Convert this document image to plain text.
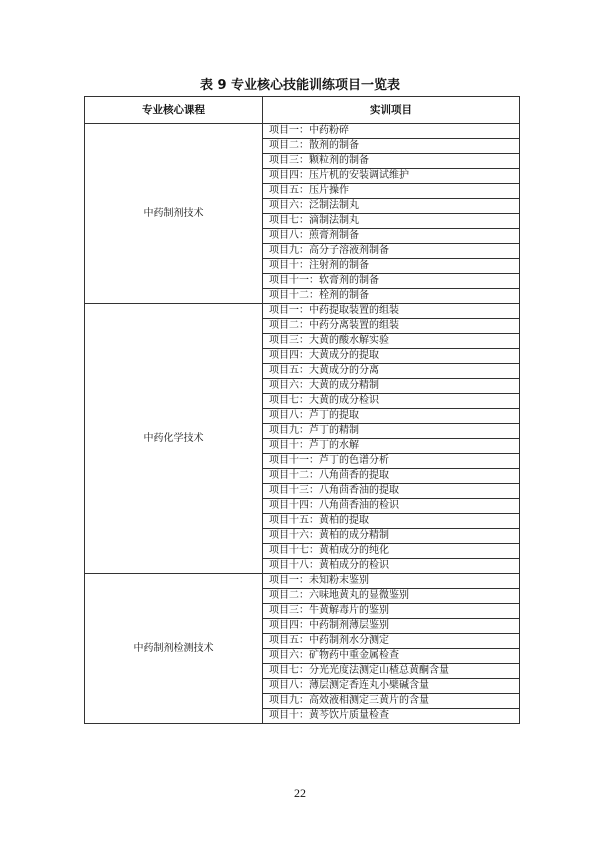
表 9 专业核心技能训练项目一览表
专业核心课程	实训项目
中药制剂技术	项目一：中药粉碎
	项目二：散剂的制备
	项目三：颗粒剂的制备
	项目四：压片机的安装调试维护
	项目五：压片操作
	项目六：泛制法制丸
	项目七：滴制法制丸
	项目八：煎膏剂制备
	项目九：高分子溶液剂制备
	项目十：注射剂的制备
	项目十一：软膏剂的制备
	项目十二：栓剂的制备
中药化学技术	项目一：中药提取装置的组装
	项目二：中药分离装置的组装
	项目三：大黄的酸水解实验
	项目四：大黄成分的提取
	项目五：大黄成分的分离
	项目六：大黄的成分精制
	项目七：大黄的成分检识
	项目八：芦丁的提取
	项目九：芦丁的精制
	项目十：芦丁的水解
	项目十一：芦丁的色谱分析
	项目十二：八角茴香的提取
	项目十三：八角茴香油的提取
	项目十四：八角茴香油的检识
	项目十五：黄柏的提取
	项目十六：黄柏的成分精制
	项目十七：黄柏成分的纯化
	项目十八：黄柏成分的检识
中药制剂检测技术	项目一：未知粉末鉴别
	项目二：六味地黄丸的显微鉴别
	项目三：牛黄解毒片的鉴别
	项目四：中药制剂薄层鉴别
	项目五：中药制剂水分测定
	项目六：矿物药中重金属检查
	项目七：分光光度法测定山楂总黄酮含量
	项目八：薄层测定香连丸小檗碱含量
	项目九：高效液相测定三黄片的含量
	项目十：黄芩饮片质量检查
22
